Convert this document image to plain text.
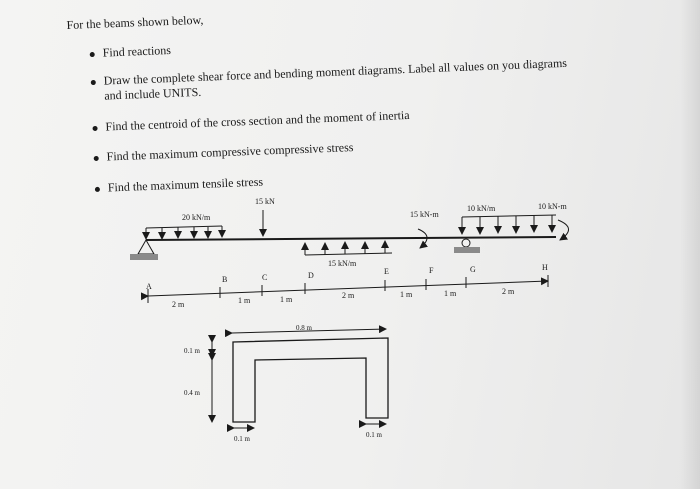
For the beams shown below,
Find reactions
Draw the complete shear force and bending moment diagrams. Label all values on you diagrams
and include UNITS.
Find the centroid of the cross section and the moment of inertia
Find the maximum compressive compressive stress
Find the maximum tensile stress
20 kN/m
15 kN
15 kN/m
15 kN-m
10 kN/m	10 kN-m
A
B	C	D	E	F	G	H
2 m	1 m	1 m	2 m	1 m	1 m	2 m
0.8 m
0.1 m
0.4 m
0.1 m	0.1 m
